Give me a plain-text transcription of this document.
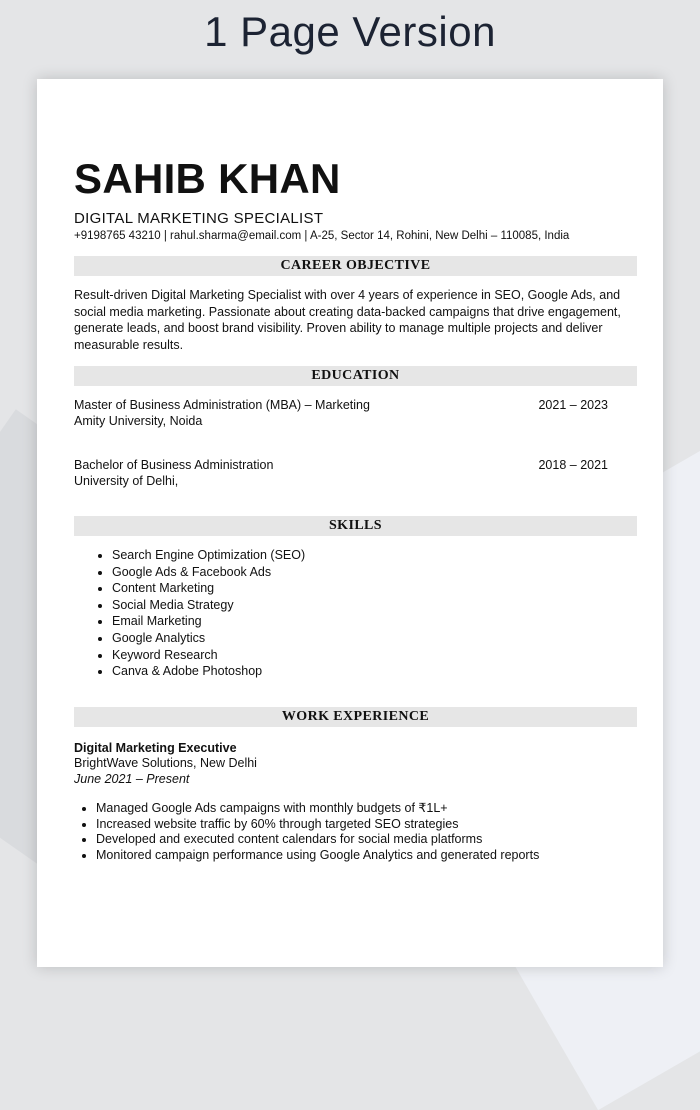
1 Page Version
SAHIB KHAN
DIGITAL MARKETING SPECIALIST
+9198765 43210 | rahul.sharma@email.com | A-25, Sector 14, Rohini, New Delhi – 110085, India
CAREER OBJECTIVE
Result-driven Digital Marketing Specialist with over 4 years of experience in SEO, Google Ads, and social media marketing. Passionate about creating data-backed campaigns that drive engagement, generate leads, and boost brand visibility. Proven ability to manage multiple projects and deliver measurable results.
EDUCATION
Master of Business Administration (MBA) – Marketing
Amity University, Noida
2021 – 2023
Bachelor of Business Administration
University of Delhi,
2018 – 2021
SKILLS
• Search Engine Optimization (SEO)
• Google Ads & Facebook Ads
• Content Marketing
• Social Media Strategy
• Email Marketing
• Google Analytics
• Keyword Research
• Canva & Adobe Photoshop
WORK EXPERIENCE
Digital Marketing Executive
BrightWave Solutions, New Delhi
June 2021 – Present
• Managed Google Ads campaigns with monthly budgets of ₹1L+
• Increased website traffic by 60% through targeted SEO strategies
• Developed and executed content calendars for social media platforms
• Monitored campaign performance using Google Analytics and generated reports
